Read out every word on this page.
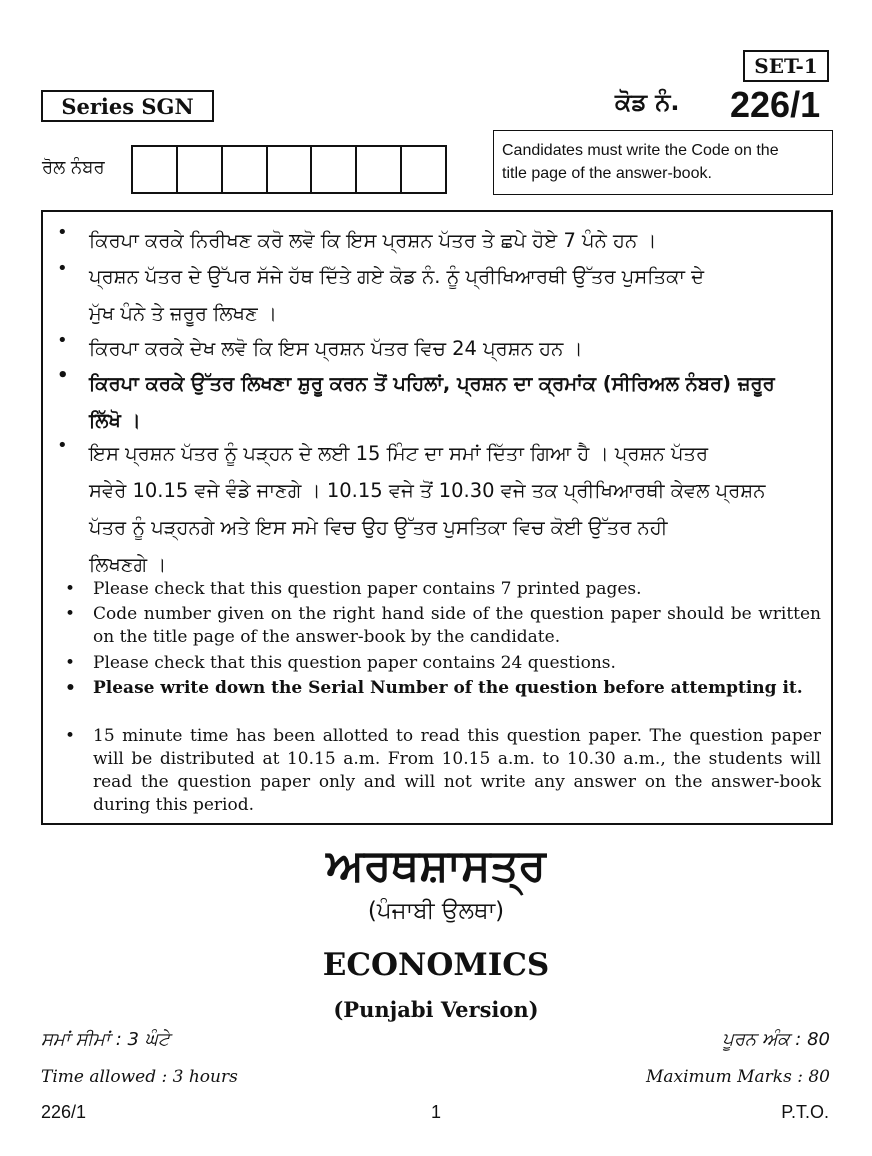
SET-1
Series SGN	ਕੋਡ ਨੰ. 226/1
ਰੋਲ ਨੰਬਰ
Candidates must write the Code on the
title page of the answer-book.
• ਕਿਰਪਾ ਕਰਕੇ ਨਿਰੀਖਣ ਕਰੋ ਲਵੋ ਕਿ ਇਸ ਪ੍ਰਸ਼ਨ ਪੱਤਰ ਤੇ ਛਪੇ ਹੋਏ 7 ਪੰਨੇ ਹਨ ।
• ਪ੍ਰਸ਼ਨ ਪੱਤਰ ਦੇ ਉੱਪਰ ਸੱਜੇ ਹੱਥ ਦਿੱਤੇ ਗਏ ਕੋਡ ਨੰ. ਨੂੰ ਪ੍ਰੀਖਿਆਰਥੀ ਉੱਤਰ ਪੁਸਤਿਕਾ ਦੇ
ਮੁੱਖ ਪੰਨੇ ਤੇ ਜ਼ਰੂਰ ਲਿਖਣ ।
• ਕਿਰਪਾ ਕਰਕੇ ਦੇਖ ਲਵੋ ਕਿ ਇਸ ਪ੍ਰਸ਼ਨ ਪੱਤਰ ਵਿਚ 24 ਪ੍ਰਸ਼ਨ ਹਨ ।
• ਕਿਰਪਾ ਕਰਕੇ ਉੱਤਰ ਲਿਖਣਾ ਸ਼ੁਰੂ ਕਰਨ ਤੋਂ ਪਹਿਲਾਂ, ਪ੍ਰਸ਼ਨ ਦਾ ਕ੍ਰਮਾਂਕ (ਸੀਰਿਅਲ ਨੰਬਰ) ਜ਼ਰੂਰ
ਲਿੱਖੋ ।
• ਇਸ ਪ੍ਰਸ਼ਨ ਪੱਤਰ ਨੂੰ ਪੜ੍ਹਨ ਦੇ ਲਈ 15 ਮਿੰਟ ਦਾ ਸਮਾਂ ਦਿੱਤਾ ਗਿਆ ਹੈ । ਪ੍ਰਸ਼ਨ ਪੱਤਰ
ਸਵੇਰੇ 10.15 ਵਜੇ ਵੰਡੇ ਜਾਣਗੇ । 10.15 ਵਜੇ ਤੋਂ 10.30 ਵਜੇ ਤਕ ਪ੍ਰੀਖਿਆਰਥੀ ਕੇਵਲ ਪ੍ਰਸ਼ਨ
ਪੱਤਰ ਨੂੰ ਪੜ੍ਹਨਗੇ ਅਤੇ ਇਸ ਸਮੇ ਵਿਚ ਉਹ ਉੱਤਰ ਪੁਸਤਿਕਾ ਵਿਚ ਕੋਈ ਉੱਤਰ ਨਹੀ
ਲਿਖਣਗੇ ।
• Please check that this question paper contains 7 printed pages.
• Code number given on the right hand side of the question paper should be written on the title page of the answer-book by the candidate.
• Please check that this question paper contains 24 questions.
• Please write down the Serial Number of the question before attempting it.
• 15 minute time has been allotted to read this question paper. The question paper will be distributed at 10.15 a.m. From 10.15 a.m. to 10.30 a.m., the students will read the question paper only and will not write any answer on the answer-book during this period.
ਅਰਥਸ਼ਾਸਤ੍ਰ
(ਪੰਜਾਬੀ ਉਲਥਾ)
ECONOMICS
(Punjabi Version)
ਸਮਾਂ ਸੀਮਾਂ : 3 ਘੰਟੇ	ਪੂਰਨ ਅੰਕ : 80
Time allowed : 3 hours	Maximum Marks : 80
226/1	1	P.T.O.
